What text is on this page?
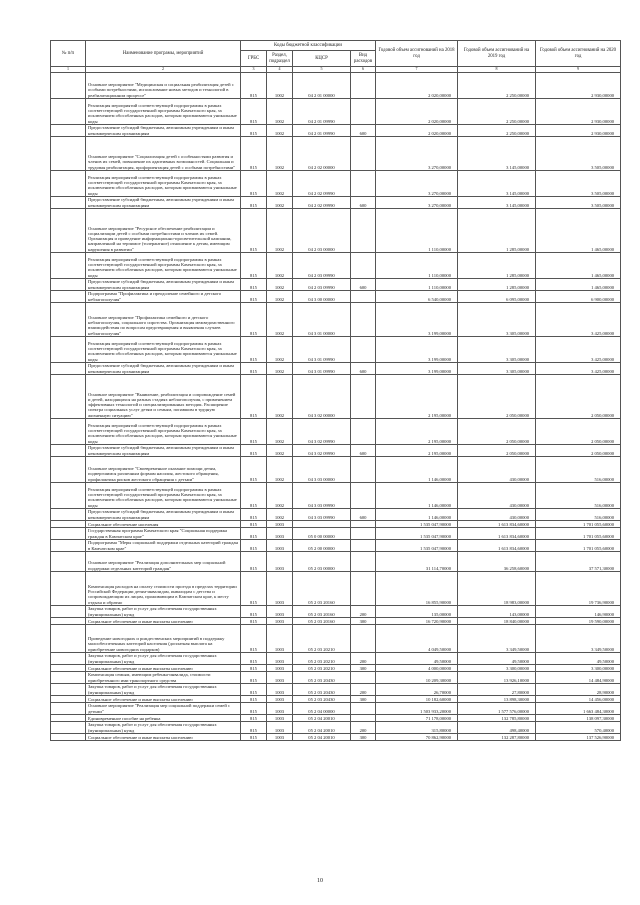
№ п/п	Наименование програмы, мероприятий	Коды бюджетной классификации				Годовой объем ассигнований на 2018 год	Годовой объем ассигнований на 2019 год	Годовой объем ассигнований на 2020 год
		ГРБС	Раздел, подраздел	КЦСР	Вид расходов			
1	2	3	4	5	6	7	8	9
	Основное мероприятие "Медицинская и социальная реабилитация детей с особыми потребностями, использование новых методов и технологий в реабилитационном процессе"	815	1002	04 2 01 00000		2 020,00000	2 250,00000	2 930,00000
	Реализация мероприятий соответствующей подпрограммы в рамках соответствующей государственной программы Камчатского края, за исключением обособленных расходов, которым присваиваются уникальные коды	815	1002	04 2 01 09990		2 020,00000	2 250,00000	2 930,00000
	Предоставление субсидий бюджетным, автономным учреждениям и иным некоммерческим организациям	815	1002	04 2 01 09990	600	2 020,00000	2 250,00000	2 930,00000
	Основное мероприятие "Социализация детей с особенностями развития и членов их семей, повышение их адаптивных возможностей. Социальная и трудовая реабилитация, профориентация детей с особыми потребностями"	815	1002	04 2 02 00000		3 270,00000	3 145,00000	3 505,00000
	Реализация мероприятий соответствующей подпрограммы в рамках соответствующей государственной программы Камчатского края, за исключением обособленных расходов, которым присваиваются уникальные коды	815	1002	04 2 02 09990		3 270,00000	3 145,00000	3 505,00000
	Предоставление субсидий бюджетным, автономным учреждениям и иным некоммерческим организациям	815	1002	04 2 02 09990	600	3 270,00000	3 145,00000	3 505,00000
	Основное мероприятие "Ресурсное обеспечение реабилитации и социализации детей с особыми потребностями и членов их семей. Организация и проведение информационно-просветительской кампании, направленной на терпимое (толерантное) отношение к детям, имеющим нарушения в развитии"	815	1002	04 2 03 00000		1 110,00000	1 285,00000	1 465,00000
	Реализация мероприятий соответствующей подпрограммы в рамках соответствующей государственной программы Камчатского края, за исключением обособленных расходов, которым присваиваются уникальные коды	815	1002	04 2 03 09990		1 110,00000	1 285,00000	1 465,00000
	Предоставление субсидий бюджетным, автономным учреждениям и иным некоммерческим организациям	815	1002	04 2 03 09990	600	1 110,00000	1 285,00000	1 465,00000
	Подпрограмма "Профилактика и преодоление семейного и детского неблагополучия"	815	1002	04 3 00 00000		6 540,00000	6 095,00000	6 900,00000
	Основное мероприятие "Профилактика семейного и детского неблагополучия, социального сиротства. Организация межведомственного взаимодействия по вопросам предотвращения и выявления случаев неблагополучия"	815	1002	04 3 01 00000		3 199,00000	3 305,00000	3 425,00000
	Реализация мероприятий соответствующей подпрограммы в рамках соответствующей государственной программы Камчатского края, за исключением обособленных расходов, которым присваиваются уникальные коды	815	1002	04 3 01 09990		3 199,00000	3 305,00000	3 425,00000
	Предоставление субсидий бюджетным, автономным учреждениям и иным некоммерческим организациям	815	1002	04 3 01 09990	600	3 199,00000	3 305,00000	3 425,00000
	Основное мероприятие "Выявление, реабилитация и сопровождение семей и детей, находящихся на разных стадиях неблагополучия, с применением эффективных технологий и специализированных методик. Расширение спектра социальных услуг детям и семьям, попавшим в трудную жизненную ситуацию"	815	1002	04 3 02 00000		2 195,00000	2 050,00000	2 050,00000
	Реализация мероприятий соответствующей подпрограммы в рамках соответствующей государственной программы Камчатского края, за исключением обособленных расходов, которым присваиваются уникальные коды	815	1002	04 3 02 09990		2 195,00000	2 050,00000	2 050,00000
	Предоставление субсидий бюджетным, автономным учреждениям и иным некоммерческим организациям	815	1002	04 3 02 09990	600	2 195,00000	2 050,00000	2 050,00000
	Основное мероприятие "Своевременное оказание помощи детям, подвергшимся различным формам насилия, жестокого обращения, профилактика рисков жестокого обращения с детьми"	815	1002	04 3 03 00000		1 146,00000	430,00000	516,00000
	Реализация мероприятий соответствующей подпрограммы в рамках соответствующей государственной программы Камчатского края, за исключением обособленных расходов, которым присваиваются уникальные коды	815	1002	04 3 03 09990		1 146,00000	430,00000	516,00000
	Предоставление субсидий бюджетным, автономным учреждениям и иным некоммерческим организациям	815	1002	04 3 03 09990	600	1 146,00000	430,00000	516,00000
	Социальное обеспечение населения	815	1003			1 535 047,90000	1 613 834,60000	1 701 055,60000
	Государственная программа Камчатского края "Социальная поддержка граждан в Камчатском крае"	815	1003	05 0 00 00000		1 535 047,90000	1 613 834,60000	1 701 055,60000
	Подпрограмма "Меры социальной поддержки отдельных категорий граждан в Камчатском крае"	815	1003	05 2 00 00000		1 535 047,90000	1 613 834,60000	1 701 055,60000
	Основное мероприятие "Реализация дополнительных мер социальной поддержки отдельных категорий граждан"	815	1003	05 2 03 00000		31 114,70000	36 258,60000	37 571,30000
	Компенсация расходов на оплату стоимости проезда в пределах территории Российской Федерации детям-инвалидам, инвалидам с детства и сопровождающим их лицам, проживающим в Камчатском крае, к месту отдыха и обратно	815	1003	05 2 03 20160		16 855,90000	18 983,00000	19 736,90000
	Закупка товаров, работ и услуг для обеспечения государственных (муниципальных) нужд	815	1003	05 2 03 20160	200	135,00000	143,00000	146,90000
	Социальное обеспечение и иные выплаты населению	815	1003	05 2 03 20160	300	16 720,90000	18 840,00000	19 590,00000
	Проведение новогодних и рождественских мероприятий в поддержку малообеспеченных категорий населения (доплатная выплата на приобретение новогодних подарков)	815	1003	05 2 03 20210		4 049,50000	3 349,50000	3 349,50000
	Закупка товаров, работ и услуг для обеспечения государственных (муниципальных) нужд	815	1003	05 2 03 20210	200	49,50000	49,50000	49,50000
	Социальное обеспечение и иные выплаты населению	815	1003	05 2 03 20210	300	4 000,00000	3 300,00000	3 300,00000
	Компенсация семьям, имеющим ребенка-инвалида, стоимости приобретенного ими транспортного средства	815	1003	05 2 03 20430		10 209,30000	13 926,10000	14 484,90000
	Закупка товаров, работ и услуг для обеспечения государственных (муниципальных) нужд	815	1003	05 2 03 20430	200	26,70000	27,80000	28,90000
	Социальное обеспечение и иные выплаты населению	815	1003	05 2 03 20430	300	10 182,60000	13 898,30000	14 456,00000
	Основное мероприятие "Реализация мер социальной поддержки семей с детьми"	815	1003	05 2 04 00000		1 503 933,20000	1 577 576,00000	1 663 484,30000
	Единовременное пособие на ребенка	815	1003	05 2 04 20010		71 178,00000	132 785,80000	138 097,30000
	Закупка товаров, работ и услуг для обеспечения государственных (муниципальных) нужд	815	1003	05 2 04 20010	200	315,80000	498,40000	570,40000
	Социальное обеспечение и иные выплаты населению	815	1003	05 2 04 20010	300	70 862,90000	132 287,80000	137 526,90000
10
